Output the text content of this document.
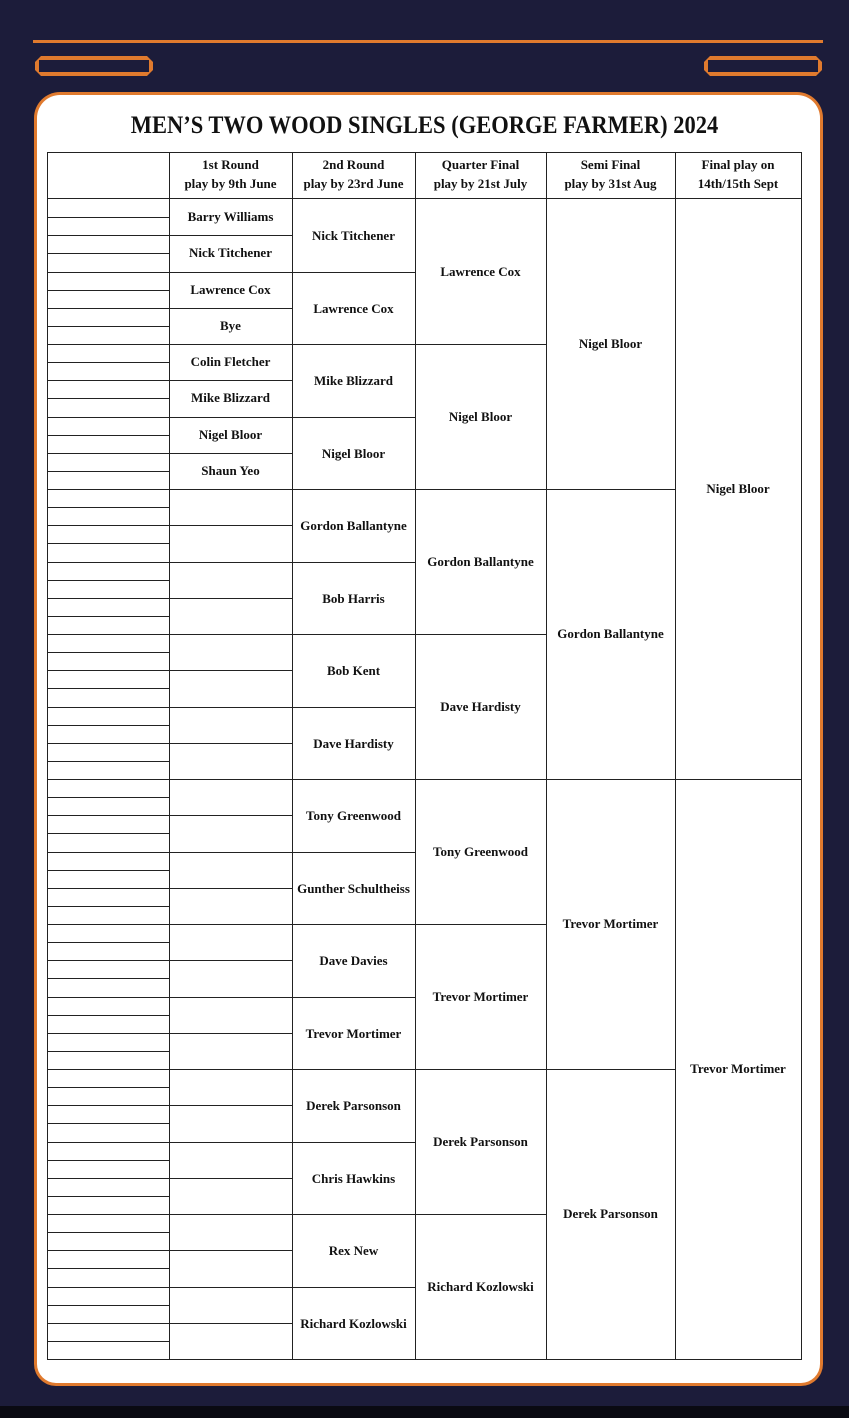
MEN’S TWO WOOD SINGLES (GEORGE FARMER) 2024
1st Round
play by 9th June
2nd Round
play by 23rd June
Quarter Final
play by 21st July
Semi Final
play by 31st Aug
Final play on
14th/15th Sept
Barry Williams
Nick Titchener
Lawrence Cox
Bye
Colin Fletcher
Mike Blizzard
Nigel Bloor
Shaun Yeo
Nick Titchener
Lawrence Cox
Mike Blizzard
Nigel Bloor
Gordon Ballantyne
Bob Harris
Bob Kent
Dave Hardisty
Tony Greenwood
Gunther Schultheiss
Dave Davies
Trevor Mortimer
Derek Parsonson
Chris Hawkins
Rex New
Richard Kozlowski
Lawrence Cox
Nigel Bloor
Gordon Ballantyne
Dave Hardisty
Tony Greenwood
Trevor Mortimer
Derek Parsonson
Richard Kozlowski
Nigel Bloor
Gordon Ballantyne
Trevor Mortimer
Derek Parsonson
Nigel Bloor
Trevor Mortimer
